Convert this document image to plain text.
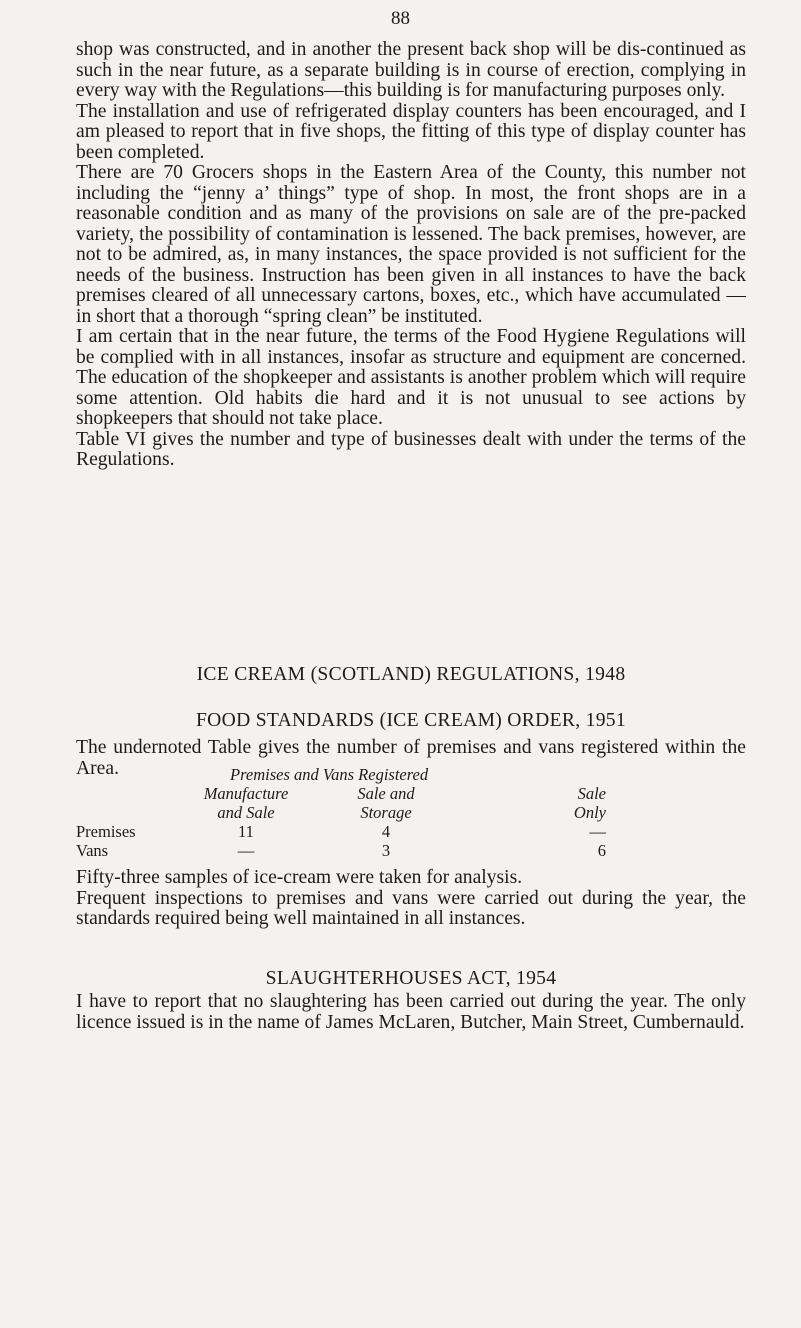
88

shop was constructed, and in another the present back shop will be dis-continued as such in the near future, as a separate building is in course of erection, complying in every way with the Regulations—this building is for manufacturing purposes only.

The installation and use of refrigerated display counters has been encouraged, and I am pleased to report that in five shops, the fitting of this type of display counter has been completed.

There are 70 Grocers shops in the Eastern Area of the County, this number not including the “jenny a’ things” type of shop. In most, the front shops are in a reasonable condition and as many of the provisions on sale are of the pre-packed variety, the possibility of contamination is lessened. The back premises, however, are not to be admired, as, in many instances, the space provided is not sufficient for the needs of the business. Instruction has been given in all instances to have the back premises cleared of all unnecessary cartons, boxes, etc., which have accumulated —in short that a thorough “spring clean” be instituted.

I am certain that in the near future, the terms of the Food Hygiene Regulations will be complied with in all instances, insofar as structure and equipment are concerned. The education of the shopkeeper and assistants is another problem which will require some attention. Old habits die hard and it is not unusual to see actions by shopkeepers that should not take place.

Table VI gives the number and type of businesses dealt with under the terms of the Regulations.

ICE CREAM (SCOTLAND) REGULATIONS, 1948
FOOD STANDARDS (ICE CREAM) ORDER, 1951

The undernoted Table gives the number of premises and vans registered within the Area.

		Premises and Vans Registered		
	Manufacture	Sale and	Sale
	and Sale	Storage	Only
Premises	11	4	—
Vans	—	3	6

Fifty-three samples of ice-cream were taken for analysis.

Frequent inspections to premises and vans were carried out during the year, the standards required being well maintained in all instances.

SLAUGHTERHOUSES ACT, 1954

I have to report that no slaughtering has been carried out during the year. The only licence issued is in the name of James McLaren, Butcher, Main Street, Cumbernauld.
